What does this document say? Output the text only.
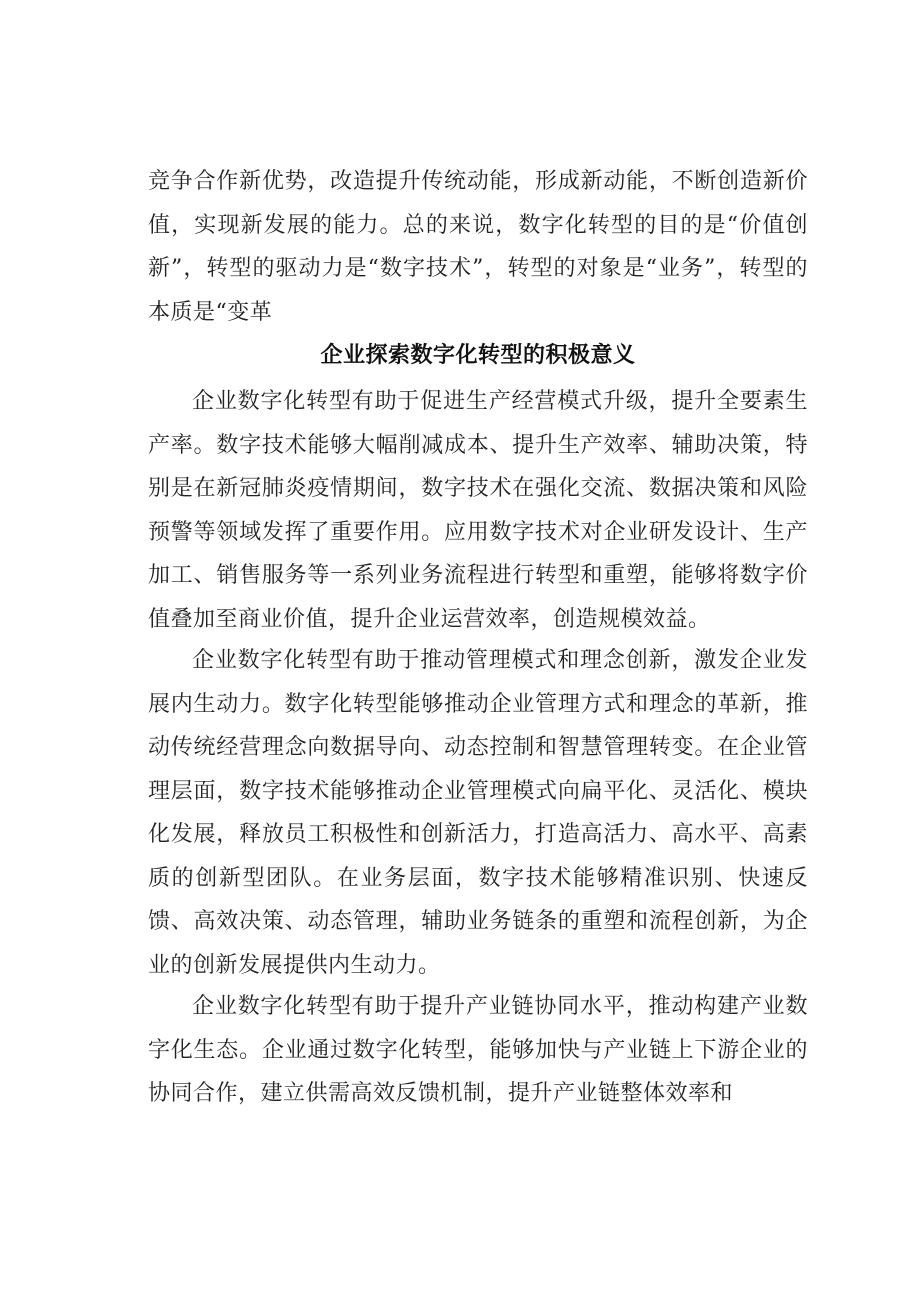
竞争合作新优势，改造提升传统动能，形成新动能，不断创造新价值，实现新发展的能力。总的来说，数字化转型的目的是“价值创新”，转型的驱动力是“数字技术”，转型的对象是“业务”，转型的本质是“变革

企业探索数字化转型的积极意义

企业数字化转型有助于促进生产经营模式升级，提升全要素生产率。数字技术能够大幅削减成本、提升生产效率、辅助决策，特别是在新冠肺炎疫情期间，数字技术在强化交流、数据决策和风险预警等领域发挥了重要作用。应用数字技术对企业研发设计、生产加工、销售服务等一系列业务流程进行转型和重塑，能够将数字价值叠加至商业价值，提升企业运营效率，创造规模效益。

企业数字化转型有助于推动管理模式和理念创新，激发企业发展内生动力。数字化转型能够推动企业管理方式和理念的革新，推动传统经营理念向数据导向、动态控制和智慧管理转变。在企业管理层面，数字技术能够推动企业管理模式向扁平化、灵活化、模块化发展，释放员工积极性和创新活力，打造高活力、高水平、高素质的创新型团队。在业务层面，数字技术能够精准识别、快速反馈、高效决策、动态管理，辅助业务链条的重塑和流程创新，为企业的创新发展提供内生动力。

企业数字化转型有助于提升产业链协同水平，推动构建产业数字化生态。企业通过数字化转型，能够加快与产业链上下游企业的协同合作，建立供需高效反馈机制，提升产业链整体效率和
